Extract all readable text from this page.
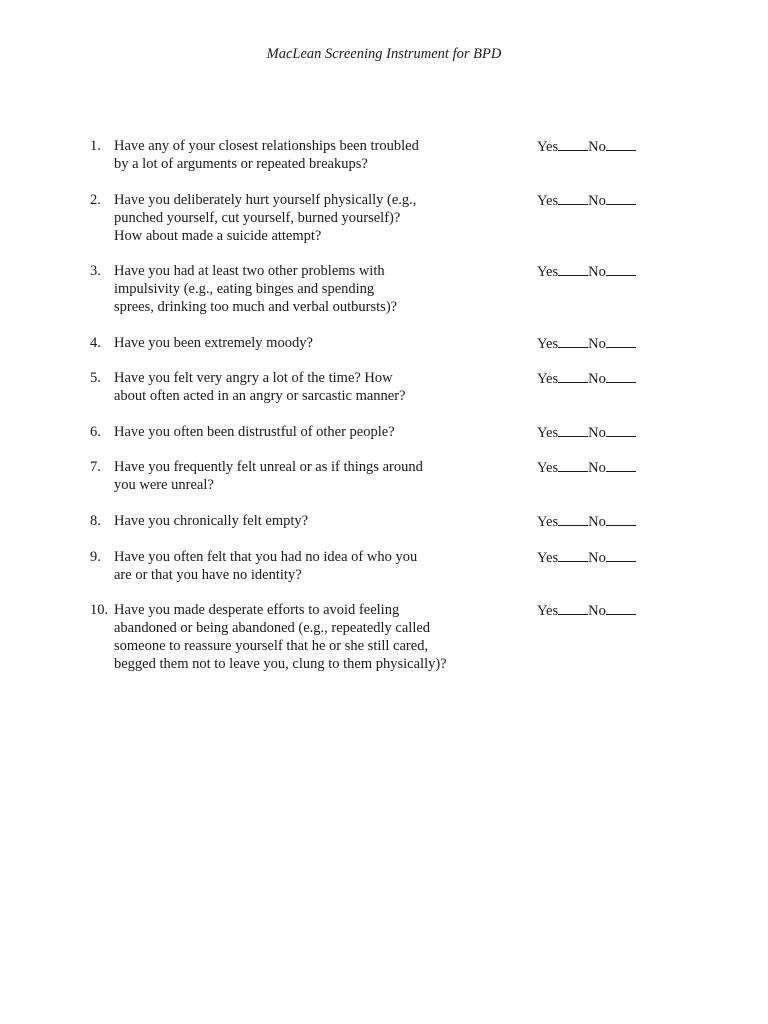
MacLean Screening Instrument for BPD
1. Have any of your closest relationships been troubled
by a lot of arguments or repeated breakups?
Yes No
2. Have you deliberately hurt yourself physically (e.g.,
punched yourself, cut yourself, burned yourself)?
How about made a suicide attempt?
Yes No
3. Have you had at least two other problems with
impulsivity (e.g., eating binges and spending
sprees, drinking too much and verbal outbursts)?
Yes No
4. Have you been extremely moody?	Yes No
5. Have you felt very angry a lot of the time? How
about often acted in an angry or sarcastic manner?
Yes No
6. Have you often been distrustful of other people?	Yes No
7. Have you frequently felt unreal or as if things around
you were unreal?
Yes No
8. Have you chronically felt empty?	Yes No
9. Have you often felt that you had no idea of who you
are or that you have no identity?
Yes No
10. Have you made desperate efforts to avoid feeling
abandoned or being abandoned (e.g., repeatedly called
someone to reassure yourself that he or she still cared,
begged them not to leave you, clung to them physically)?
Yes No
